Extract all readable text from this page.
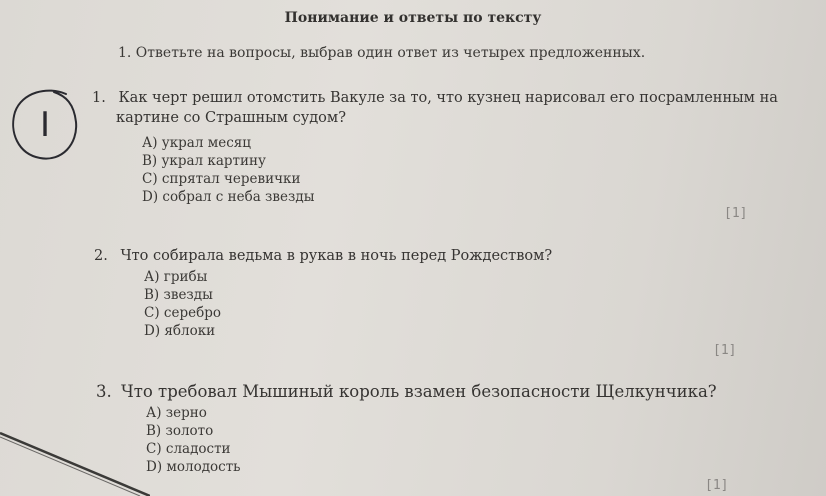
Понимание и ответы по тексту
1. Ответьте на вопросы, выбрав один ответ из четырех предложенных.
I
1. Как черт решил отомстить Вакуле за то, что кузнец нарисовал его посрамленным на
картине со Страшным судом?
А) украл месяц
В) украл картину
С) спрятал черевички
D) собрал с неба звезды
[1]
2. Что собирала ведьма в рукав в ночь перед Рождеством?
А) грибы
В) звезды
С) серебро
D) яблоки
[1]
3. Что требовал Мышиный король взамен безопасности Щелкунчика?
А) зерно
В) золото
С) сладости
D) молодость
[1]
